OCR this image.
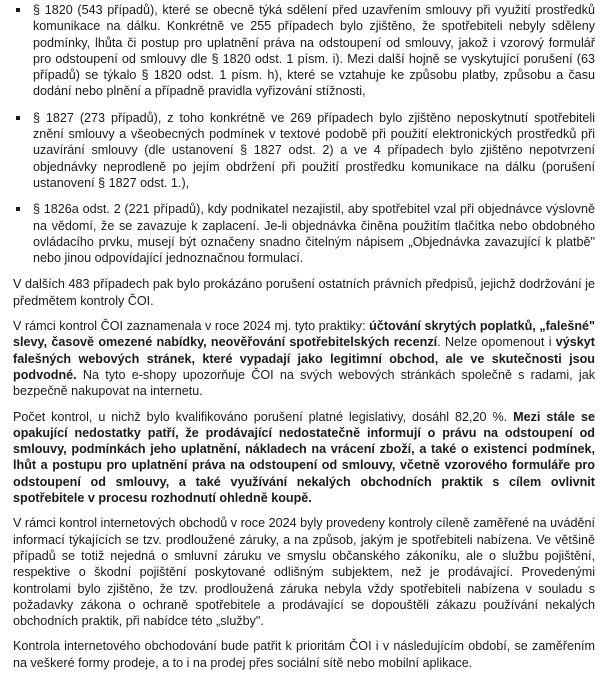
§ 1820 (543 případů), které se obecně týká sdělení před uzavřením smlouvy při využití prostředků komunikace na dálku. Konkrétně ve 255 případech bylo zjištěno, že spotřebiteli nebyly sděleny podmínky, lhůta či postup pro uplatnění práva na odstoupení od smlouvy, jakož i vzorový formulář pro odstoupení od smlouvy dle § 1820 odst. 1 písm. i). Mezi další hojně se vyskytující porušení (63 případů) se týkalo § 1820 odst. 1 písm. h), které se vztahuje ke způsobu platby, způsobu a času dodání nebo plnění a případně pravidla vyřizování stížnosti,
§ 1827 (273 případů), z toho konkrétně ve 269 případech bylo zjištěno neposkytnutí spotřebiteli znění smlouvy a všeobecných podmínek v textové podobě při použití elektronických prostředků při uzavírání smlouvy (dle ustanovení § 1827 odst. 2) a ve 4 případech bylo zjištěno nepotvrzení objednávky neprodleně po jejím obdržení při použití prostředku komunikace na dálku (porušení ustanovení § 1827 odst. 1.),
§ 1826a odst. 2 (221 případů), kdy podnikatel nezajistil, aby spotřebitel vzal při objednávce výslovně na vědomí, že se zavazuje k zaplacení. Je-li objednávka činěna použitím tlačítka nebo obdobného ovládacího prvku, musejí být označeny snadno čitelným nápisem „Objednávka zavazující k platbě" nebo jinou odpovídající jednoznačnou formulací.

V dalších 483 případech pak bylo prokázáno porušení ostatních právních předpisů, jejichž dodržování je předmětem kontroly ČOI.

V rámci kontrol ČOI zaznamenala v roce 2024 mj. tyto praktiky: účtování skrytých poplatků, „falešné" slevy, časově omezené nabídky, neověřování spotřebitelských recenzí. Nelze opomenout i výskyt falešných webových stránek, které vypadají jako legitimní obchod, ale ve skutečnosti jsou podvodné. Na tyto e-shopy upozorňuje ČOI na svých webových stránkách společně s radami, jak bezpečně nakupovat na internetu.

Počet kontrol, u nichž bylo kvalifikováno porušení platné legislativy, dosáhl 82,20 %. Mezi stále se opakující nedostatky patří, že prodávající nedostatečně informují o právu na odstoupení od smlouvy, podmínkách jeho uplatnění, nákladech na vrácení zboží, a také o existenci podmínek, lhůt a postupu pro uplatnění práva na odstoupení od smlouvy, včetně vzorového formuláře pro odstoupení od smlouvy, a také využívání nekalých obchodních praktik s cílem ovlivnit spotřebitele v procesu rozhodnutí ohledně koupě.

V rámci kontrol internetových obchodů v roce 2024 byly provedeny kontroly cíleně zaměřené na uvádění informací týkajících se tzv. prodloužené záruky, a na způsob, jakým je spotřebiteli nabízena. Ve většině případů se totiž nejedná o smluvní záruku ve smyslu občanského zákoníku, ale o službu pojištění, respektive o škodní pojištění poskytované odlišným subjektem, než je prodávající. Provedenými kontrolami bylo zjištěno, že tzv. prodloužená záruka nebyla vždy spotřebiteli nabízena v souladu s požadavky zákona o ochraně spotřebitele a prodávající se dopouštěli zákazu používání nekalých obchodních praktik, při nabídce této „služby".

Kontrola internetového obchodování bude patřit k prioritám ČOI i v následujícím období, se zaměřením na veškeré formy prodeje, a to i na prodej přes sociální sítě nebo mobilní aplikace.
